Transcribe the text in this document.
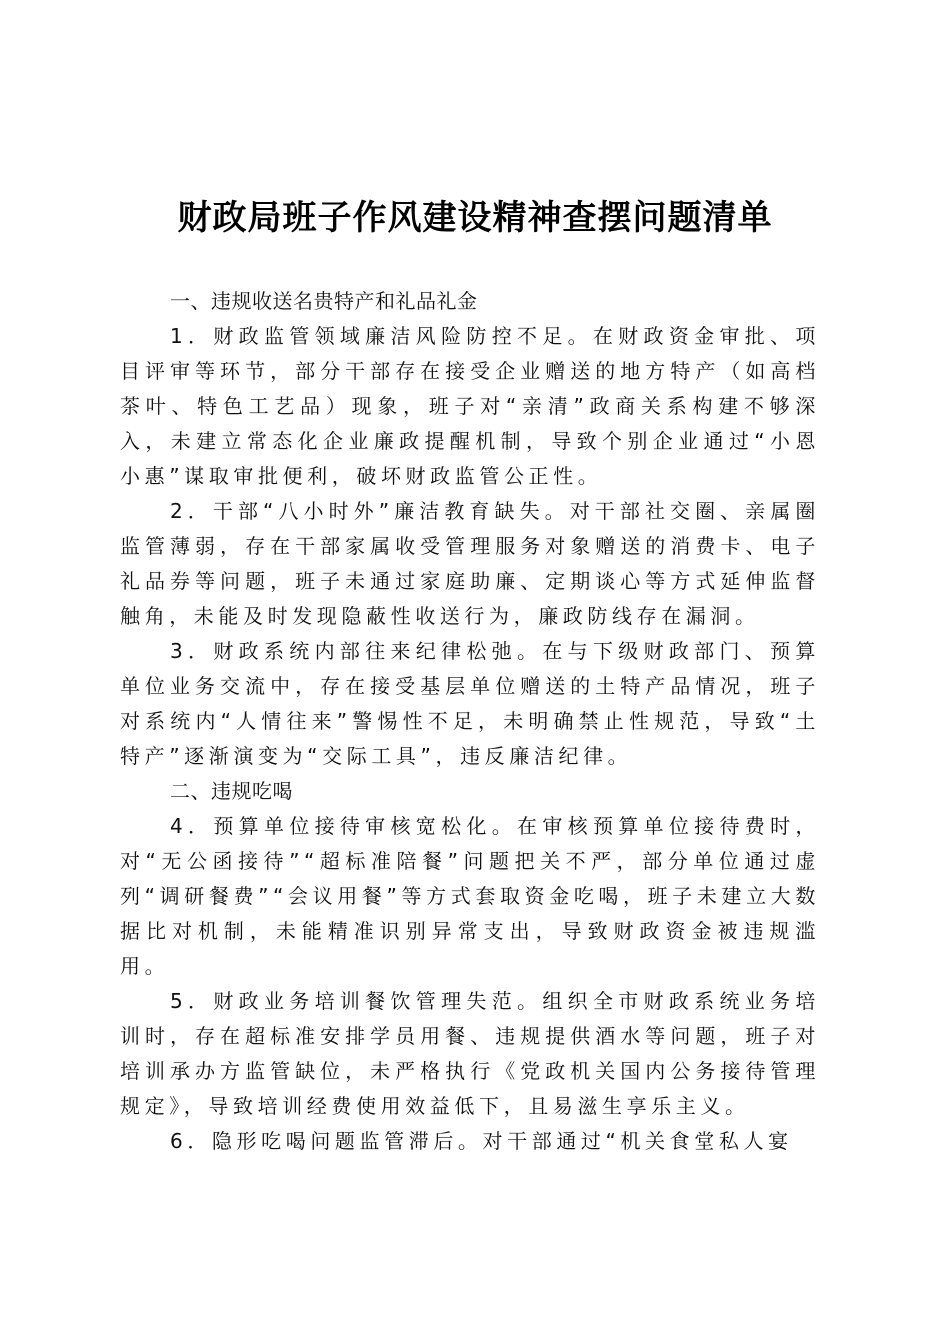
财政局班子作风建设精神查摆问题清单

一、违规收送名贵特产和礼品礼金

1．财政监管领域廉洁风险防控不足。在财政资金审批、项目评审等环节，部分干部存在接受企业赠送的地方特产（如高档茶叶、特色工艺品）现象，班子对“亲清”政商关系构建不够深入，未建立常态化企业廉政提醒机制，导致个别企业通过“小恩小惠”谋取审批便利，破坏财政监管公正性。

2．干部“八小时外”廉洁教育缺失。对干部社交圈、亲属圈监管薄弱，存在干部家属收受管理服务对象赠送的消费卡、电子礼品券等问题，班子未通过家庭助廉、定期谈心等方式延伸监督触角，未能及时发现隐蔽性收送行为，廉政防线存在漏洞。

3．财政系统内部往来纪律松弛。在与下级财政部门、预算单位业务交流中，存在接受基层单位赠送的土特产品情况，班子对系统内“人情往来”警惕性不足，未明确禁止性规范，导致“土特产”逐渐演变为“交际工具”，违反廉洁纪律。

二、违规吃喝

4．预算单位接待审核宽松化。在审核预算单位接待费时，对“无公函接待”“超标准陪餐”问题把关不严，部分单位通过虚列“调研餐费”“会议用餐”等方式套取资金吃喝，班子未建立大数据比对机制，未能精准识别异常支出，导致财政资金被违规滥用。

5．财政业务培训餐饮管理失范。组织全市财政系统业务培训时，存在超标准安排学员用餐、违规提供酒水等问题，班子对培训承办方监管缺位，未严格执行《党政机关国内公务接待管理规定》，导致培训经费使用效益低下，且易滋生享乐主义。

6．隐形吃喝问题监管滞后。对干部通过“机关食堂私人宴
